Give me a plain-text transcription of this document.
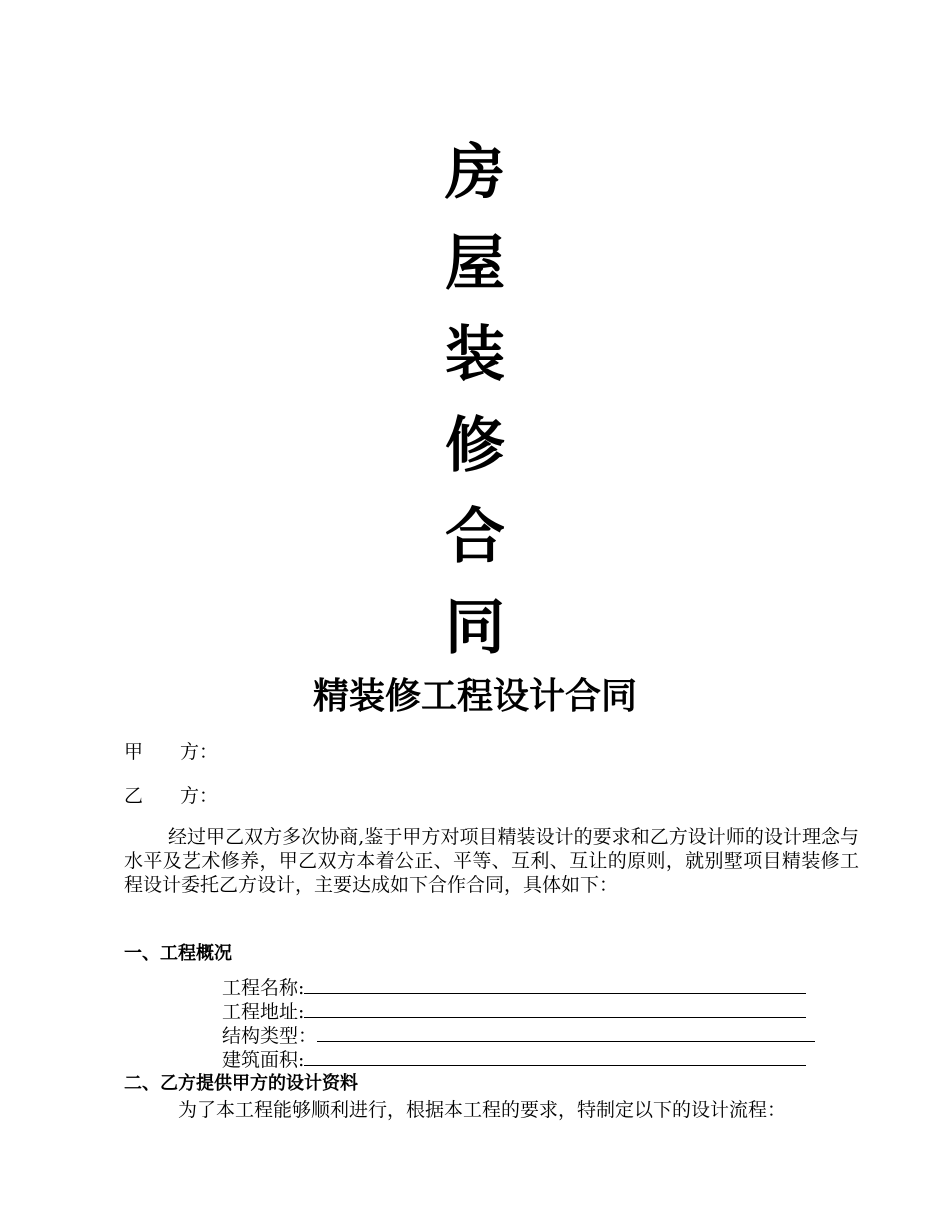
房
屋
装
修
合
同
精装修工程设计合同
甲 方：
乙 方：

经过甲乙双方多次协商,鉴于甲方对项目精装设计的要求和乙方设计师的设计理念与水平及艺术修养，甲乙双方本着公正、平等、互利、互让的原则，就别墅项目精装修工程设计委托乙方设计，主要达成如下合作合同，具体如下：

一、工程概况
工程名称:
工程地址:
结构类型：
建筑面积:
二、乙方提供甲方的设计资料
为了本工程能够顺利进行，根据本工程的要求，特制定以下的设计流程：
